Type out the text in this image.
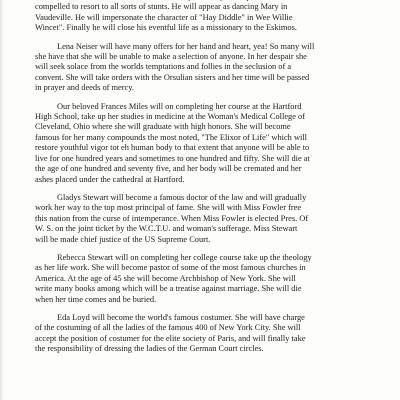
compelled to resort to all sorts of stunts. He will appear as dancing Mary in
Vaudeville. He will impersonate the character of "Hay Diddle" in Wee Willie
Wincet". Finally he will close his eventful life as a missionary to the Eskimos.

Lena Neiser will have many offers for her hand and heart, yea! So many will
she have that she will be unable to make a selection of anyone. In her despair she
will seek solace from the worlds temptations and follies in the seclusion of a
convent. She will take orders with the Orsulian sisters and her time will be passed
in prayer and deeds of mercy.

Our beloved Frances Miles will on completing her course at the Hartford
High School, take up her studies in medicine at the Woman's Medical College of
Cleveland, Ohio where she will graduate with high honors. She will become
famous for her many compounds the most noted, "The Elixor of Life" which will
restore youthful vigor tot eh human body to that extent that anyone will be able to
live for one hundred years and sometimes to one hundred and fifty. She will die at
the age of one hundred and seventy five, and her body will be cremated and her
ashes placed under the cathedral at Hartford.

Gladys Stewart will become a famous doctor of the law and will gradually
work her way to the top most principal of fame. She will with Miss Fowler free
this nation from the curse of intemperance. When Miss Fowler is elected Pres. Of
W. S. on the joint ticket by the W.C.T.U. and woman's sufferage. Miss Stewart
will be made chief justice of the US Supreme Court.

Rebecca Stewart will on completing her college course take up the theology
as her life work. She will become pastor of some of the most famous churches in
America. At the age of 45 she will become Archbishop of New York. She will
write many books among which will be a treatise against marriage. She will die
when her time comes and be buried.

Eda Loyd will become the world's famous costumer. She will have charge
of the costuming of all the ladies of the famous 400 of New York City. She will
accept the position of costumer for the elite society of Paris, and will finally take
the responsibility of dressing the ladies of the German Court circles.
